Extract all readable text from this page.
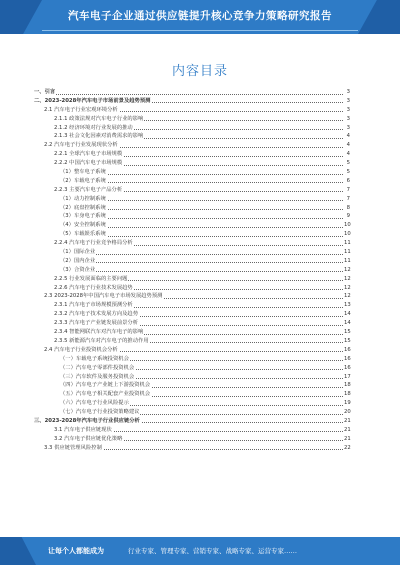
汽车电子企业通过供应链提升核心竞争力策略研究报告
内容目录
一、引言	3
二、2023-2028年汽车电子市场前景及趋势预测	3
2.1 汽车电子行业宏观环境分析	3
2.1.1 政策法规对汽车电子行业的影响	3
2.1.2 经济环境对行业发展的推动	3
2.1.3 社会文化因素对消费需求的影响	4
2.2 汽车电子行业发展现状分析	4
2.2.1 全球汽车电子市场规模	4
2.2.2 中国汽车电子市场规模	5
（1）整车电子系统	5
（2）车载电子系统	6
2.2.3 主要汽车电子产品分析	7
（1）动力控制系统	7
（2）底盘控制系统	8
（3）车身电子系统	9
（4）安全控制系统	10
（5）车载娱乐系统	10
2.2.4 汽车电子行业竞争格局分析	11
（1）国际企业	11
（2）国内企业	11
（3）合资企业	12
2.2.5 行业发展面临的主要问题	12
2.2.6 汽车电子行业技术发展趋势	12
2.3 2023-2028年中国汽车电子市场发展趋势预测	12
2.3.1 汽车电子市场规模预测分析	13
2.3.2 汽车电子技术发展方向及趋势	14
2.3.3 汽车电子产业链发展前景分析	14
2.3.4 智能网联汽车对汽车电子的影响	15
2.3.5 新能源汽车对汽车电子的推动作用	15
2.4 汽车电子行业投资机会分析	16
（一）车载电子系统投资机会	16
（二）汽车电子零部件投资机会	16
（三）汽车软件及服务投资机会	17
（四）汽车电子产业链上下游投资机会	18
（五）汽车电子相关配套产业投资机会	18
（六）汽车电子行业风险提示	19
（七）汽车电子行业投资策略建议	20
三、2023-2028年汽车电子行业供应链分析	21
3.1 汽车电子供应链现状	21
3.2 汽车电子供应链优化策略	21
3.3 供应链管理风险控制	22
让每个人都能成为	行业专家、管理专家、营销专家、战略专家、运营专家……
